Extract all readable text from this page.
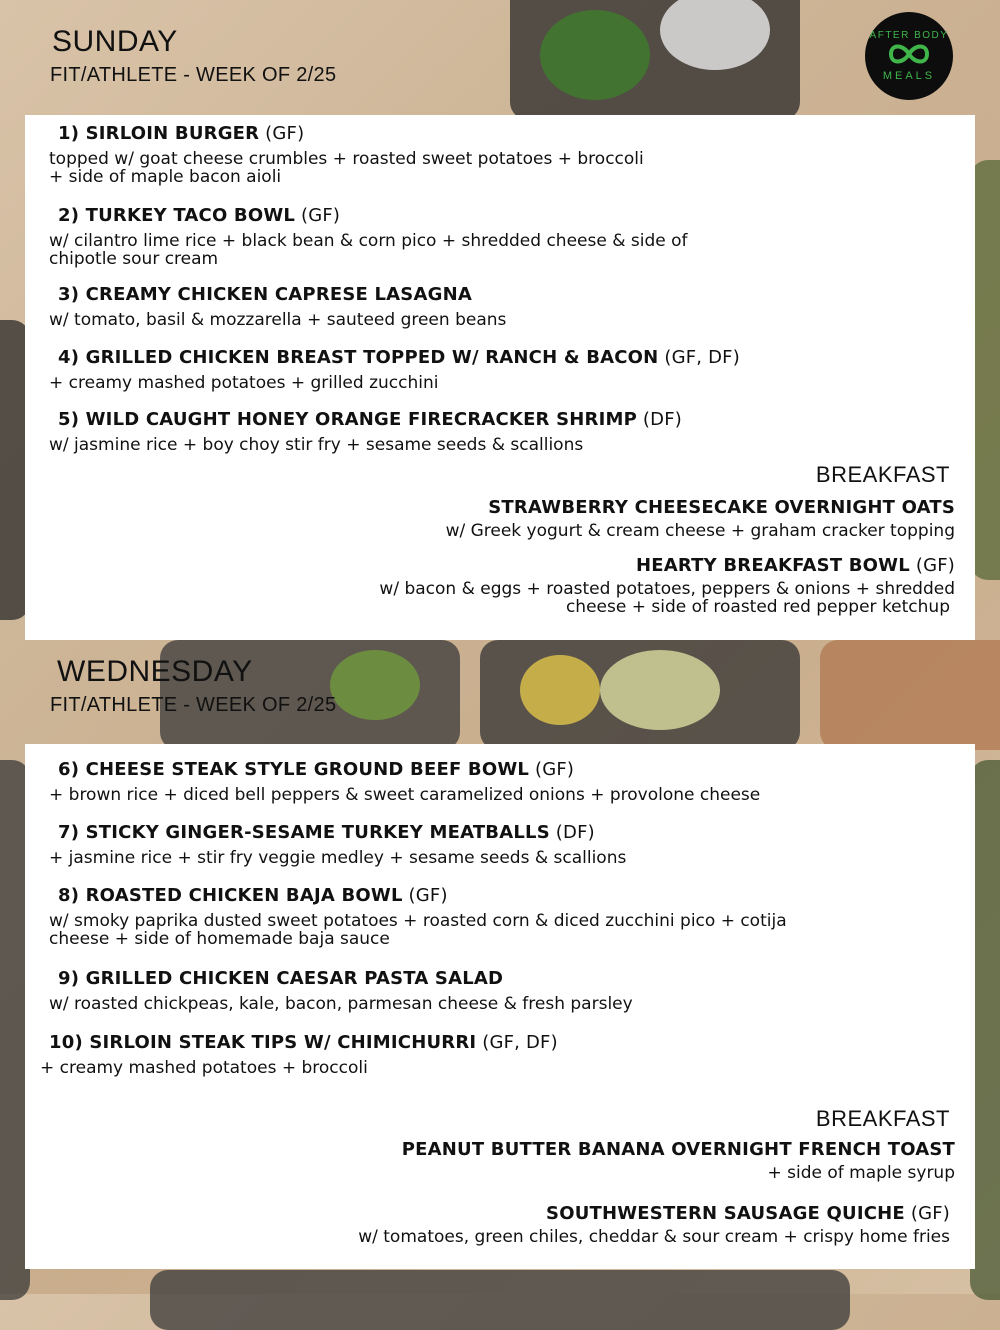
AFTER BODY
MEALS
SUNDAY
FIT/ATHLETE - WEEK OF 2/25
1) SIRLOIN BURGER (GF)
topped w/ goat cheese crumbles + roasted sweet potatoes + broccoli
+ side of maple bacon aioli
2) TURKEY TACO BOWL (GF)
w/ cilantro lime rice + black bean & corn pico + shredded cheese & side of
chipotle sour cream
3) CREAMY CHICKEN CAPRESE LASAGNA
w/ tomato, basil & mozzarella + sauteed green beans
4) GRILLED CHICKEN BREAST TOPPED W/ RANCH & BACON (GF, DF)
+ creamy mashed potatoes + grilled zucchini
5) WILD CAUGHT HONEY ORANGE FIRECRACKER SHRIMP (DF)
w/ jasmine rice + boy choy stir fry + sesame seeds & scallions
BREAKFAST
STRAWBERRY CHEESECAKE OVERNIGHT OATS
w/ Greek yogurt & cream cheese + graham cracker topping
HEARTY BREAKFAST BOWL (GF)
w/ bacon & eggs + roasted potatoes, peppers & onions + shredded
cheese + side of roasted red pepper ketchup
WEDNESDAY
FIT/ATHLETE - WEEK OF 2/25
6) CHEESE STEAK STYLE GROUND BEEF BOWL (GF)
+ brown rice + diced bell peppers & sweet caramelized onions + provolone cheese
7) STICKY GINGER-SESAME TURKEY MEATBALLS (DF)
+ jasmine rice + stir fry veggie medley + sesame seeds & scallions
8) ROASTED CHICKEN BAJA BOWL (GF)
w/ smoky paprika dusted sweet potatoes + roasted corn & diced zucchini pico + cotija
cheese + side of homemade baja sauce
9) GRILLED CHICKEN CAESAR PASTA SALAD
w/ roasted chickpeas, kale, bacon, parmesan cheese & fresh parsley
10) SIRLOIN STEAK TIPS W/ CHIMICHURRI (GF, DF)
+ creamy mashed potatoes + broccoli
BREAKFAST
PEANUT BUTTER BANANA OVERNIGHT FRENCH TOAST
+ side of maple syrup
SOUTHWESTERN SAUSAGE QUICHE (GF)
w/ tomatoes, green chiles, cheddar & sour cream + crispy home fries
